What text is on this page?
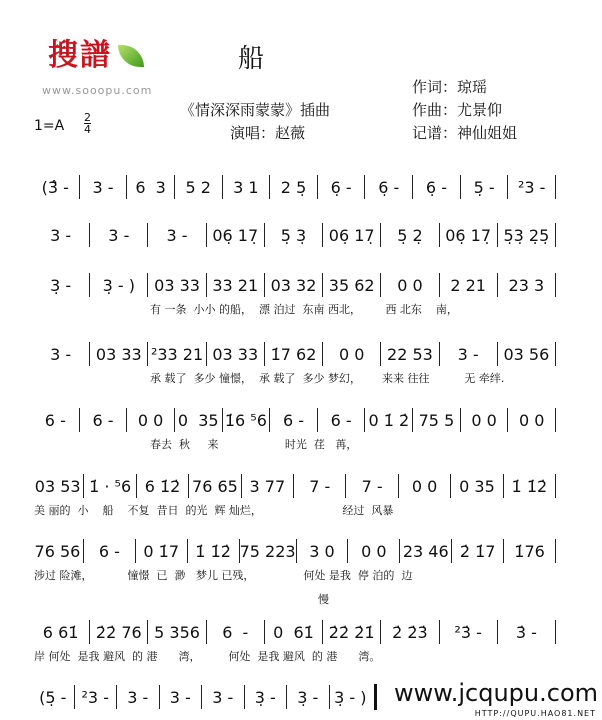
搜譜
www.sooopu.com
船
作词：琼瑶
《情深深雨蒙蒙》插曲	作曲：尤景仰
演唱：赵薇	记谱：神仙姐姐
1=A
2
4
慢
(3̂ -	3 -	6  3	5 2	3 1	2 5̣	6̣ -	6̣ -	6̣ -	5̣ -	²3 -
3 -	3 -	3 -	06̣ 17̣	5̣ 3̣	06̣ 17̣	5̣ 2̣	06̣ 17̣ 5̣3̣ 2̣5̣
3̣ -	3̣ - )	03 33 33 21 03 32 35 62	0 0	2 21	23 3
有 一条  小小 的船，  漂 泊过  东南 西北，       西 北东    南，
3 -	03 33 ²33 21 03 33 1̇7 62	0 0	22 53	3 -	03 56
承 载了  多少 憧憬，  承 载了  多少 梦幻，      来来 往往          无 牵绊.
6 -	6 -	0 0 0  35 1̇6 ⁵6	6 -	6 -	0 1̇ 2̇ 75 5	0 0	0 0
春去  秋     来                   时光  荏   苒，
03 53 1̇ · ⁵6 6 1̇2̇ 76 65 3 77	7 -	7 -	0 0	0 35	1̇ 1̇2̇
美 丽的  小    船    不复  昔日  的光  辉 灿烂，                       经过  风暴
76 56	6 -	0 1̇7	1̇ 1̇2̇ 75 223 3 0	0 0	23 46 2̇ 1̇7	1̇76
涉过 险滩，          憧憬  已  渺   梦儿 已残，              何处 是我  停 泊的  边
6 61̇	2̇2̇ 76 5 356	6  -	0  61̇ 2̇2̇ 2̇1̇	2̇ 2̇3̇	²3̇ -	3̇ -
岸 何处  是我 避风  的 港      湾，        何处  是我 避风  的 港      湾。
(5̣ - ²3 -	3 -	3 -	3 -	3̣ -	3̣ - 3̣ - ) www.jcqupu.com
HTTP://QUPU.HAO81.NET
